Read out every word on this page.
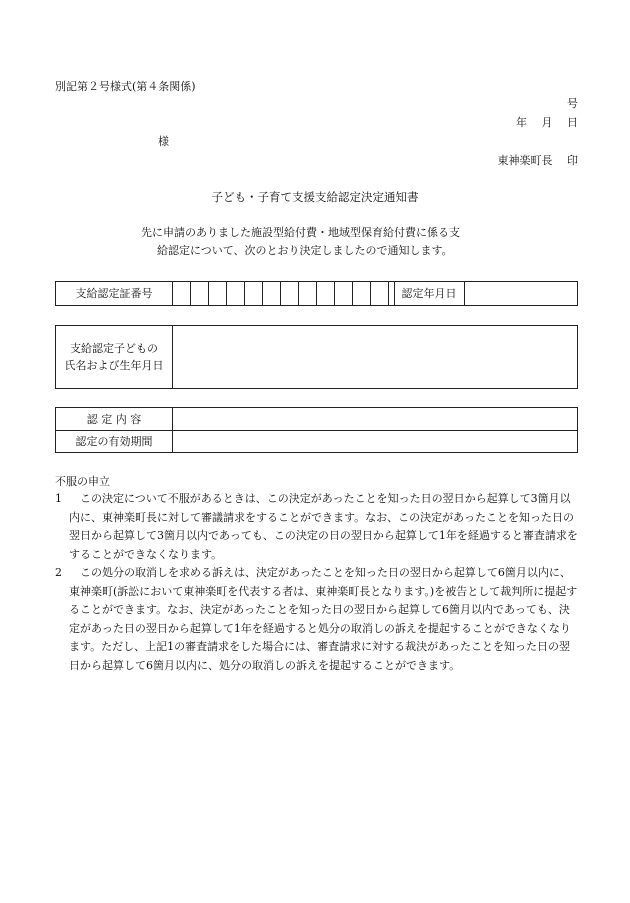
別記第２号様式(第４条関係)
号
年　 月　 日
様
東神楽町長　 印
子ども・子育て支援支給認定決定通知書
先に申請のありました施設型給付費・地域型保育給付費に係る支
給認定について、次のとおり決定しましたので通知します。
支給認定証番号	認定年月日
支給認定子どもの
氏名および生年月日
認 定 内 容
認定の有効期間
不服の申立
1　 この決定について不服があるときは、この決定があったことを知った日の翌日から起算して3箇月以内に、東神楽町長に対して審議請求をすることができます。なお、この決定があったことを知った日の翌日から起算して3箇月以内であっても、この決定の日の翌日から起算して1年を経過すると審査請求をすることができなくなります。
2　 この処分の取消しを求める訴えは、決定があったことを知った日の翌日から起算して6箇月以内に、東神楽町(訴訟において東神楽町を代表する者は、東神楽町長となります。)を被告として裁判所に提起することができます。なお、決定があったことを知った日の翌日から起算して6箇月以内であっても、決定があった日の翌日から起算して1年を経過すると処分の取消しの訴えを提起することができなくなります。ただし、上記1の審査請求をした場合には、審査請求に対する裁決があったことを知った日の翌日から起算して6箇月以内に、処分の取消しの訴えを提起することができます。
